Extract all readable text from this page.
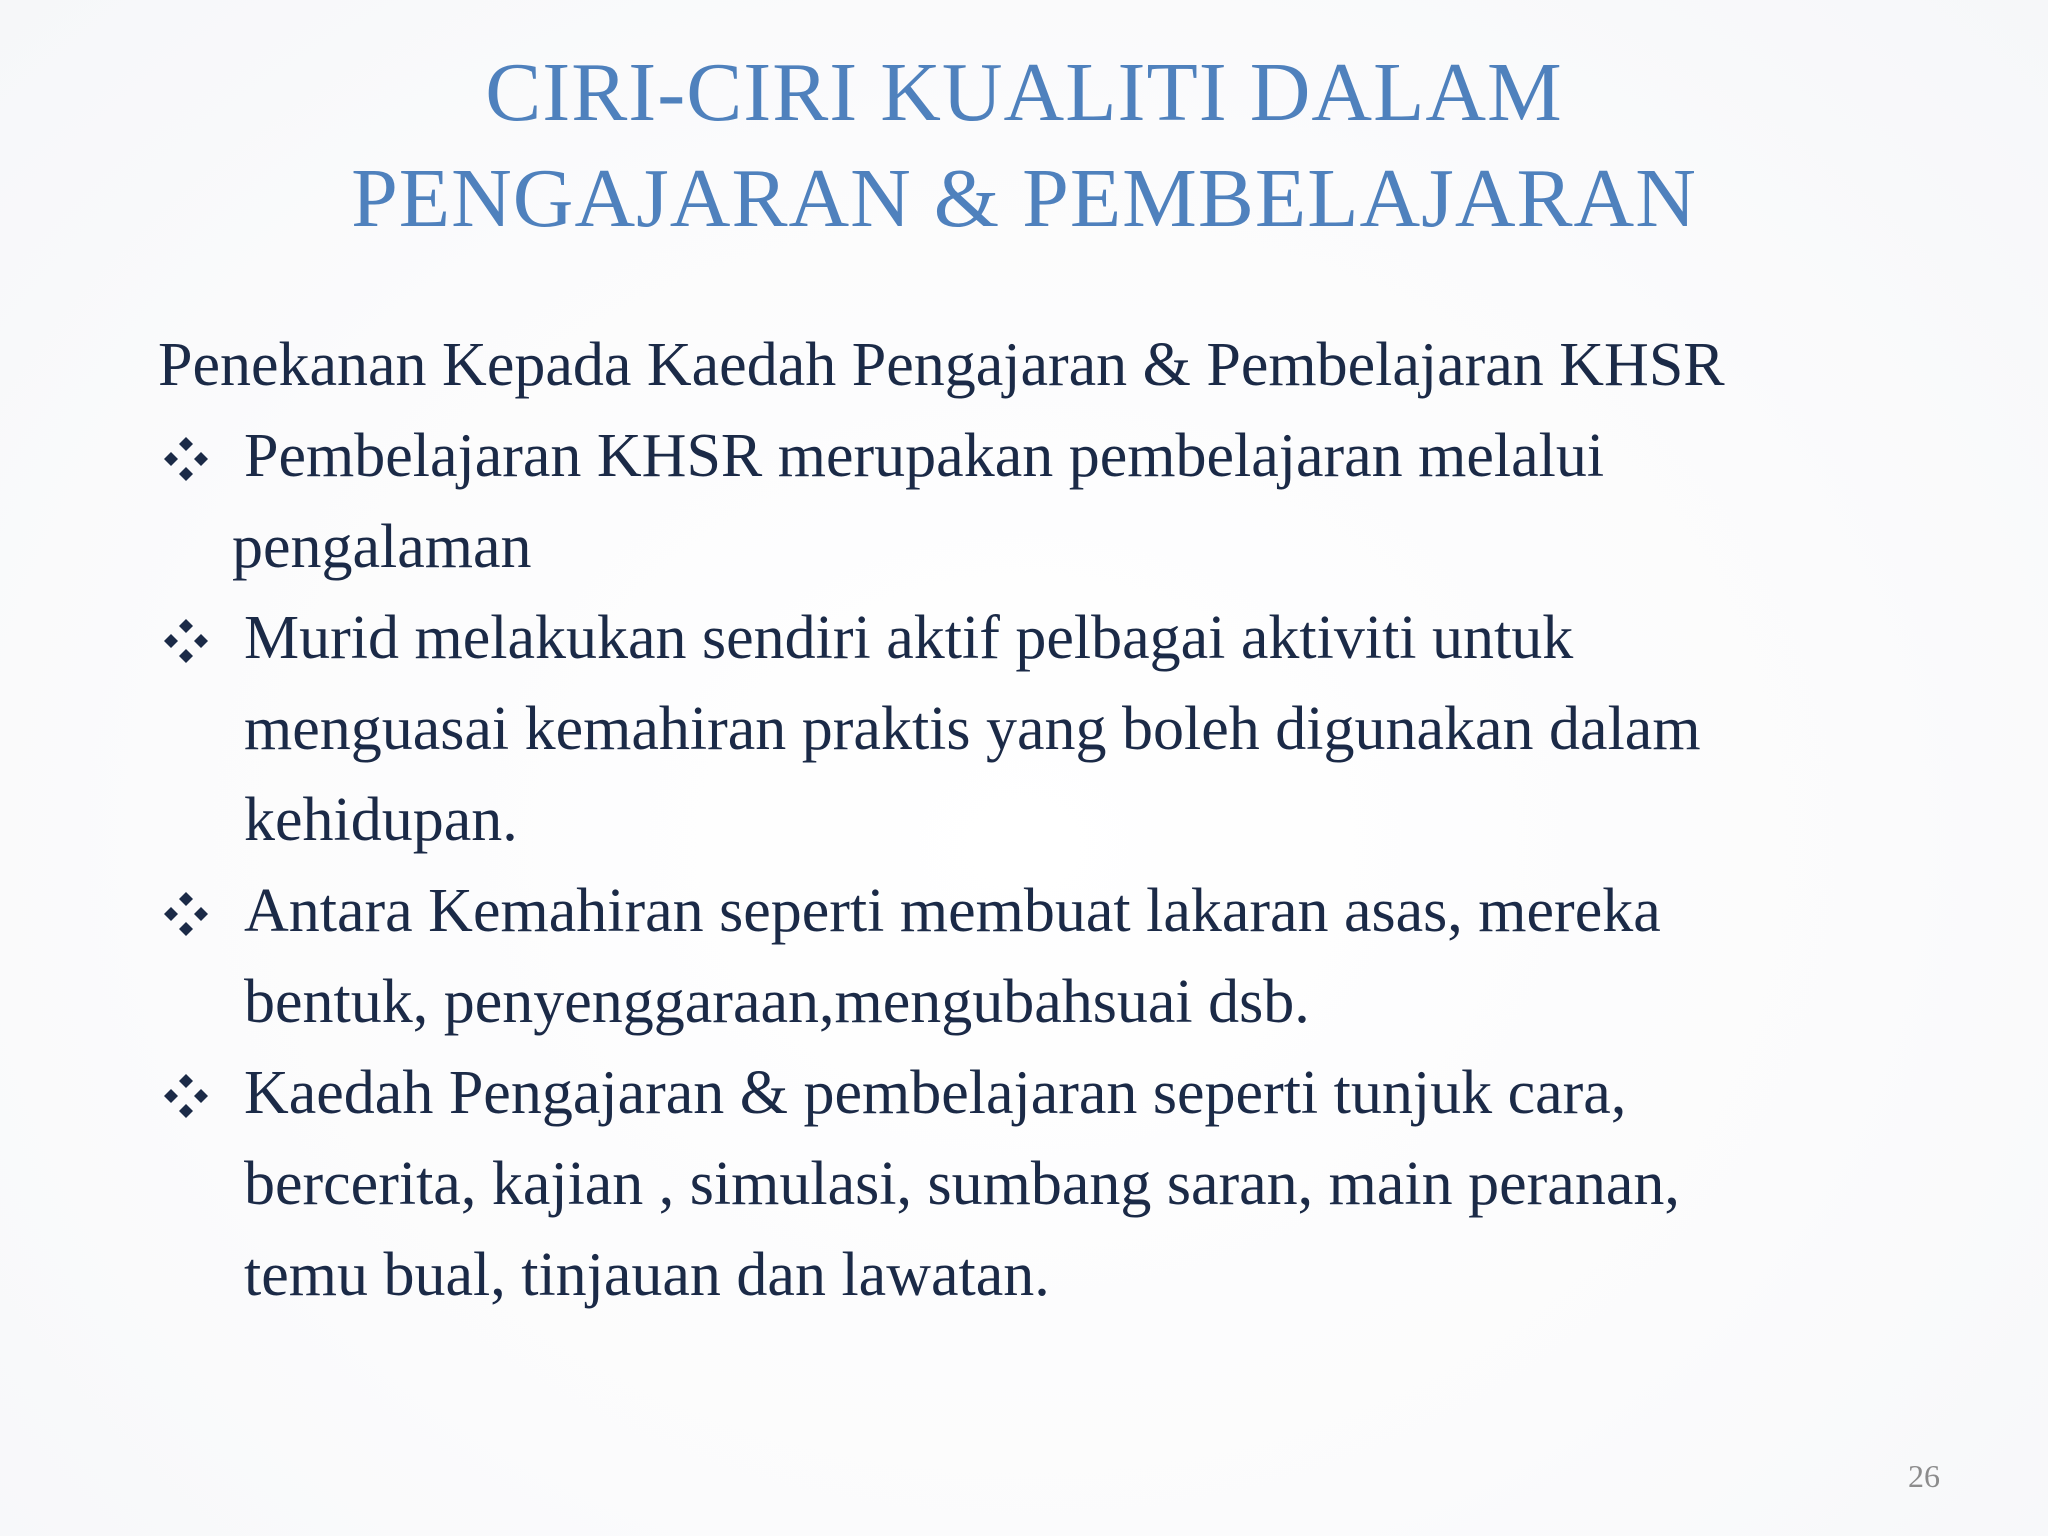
CIRI-CIRI KUALITI DALAM
PENGAJARAN & PEMBELAJARAN

Penekanan Kepada Kaedah Pengajaran & Pembelajaran KHSR

Pembelajaran KHSR merupakan pembelajaran melalui
pengalaman
Murid melakukan sendiri aktif pelbagai aktiviti untuk
menguasai kemahiran praktis yang boleh digunakan dalam
kehidupan.
Antara Kemahiran seperti membuat lakaran asas, mereka
bentuk, penyenggaraan,mengubahsuai dsb.
Kaedah Pengajaran & pembelajaran seperti tunjuk cara,
bercerita, kajian , simulasi, sumbang saran, main peranan,
temu bual, tinjauan dan lawatan.
26
